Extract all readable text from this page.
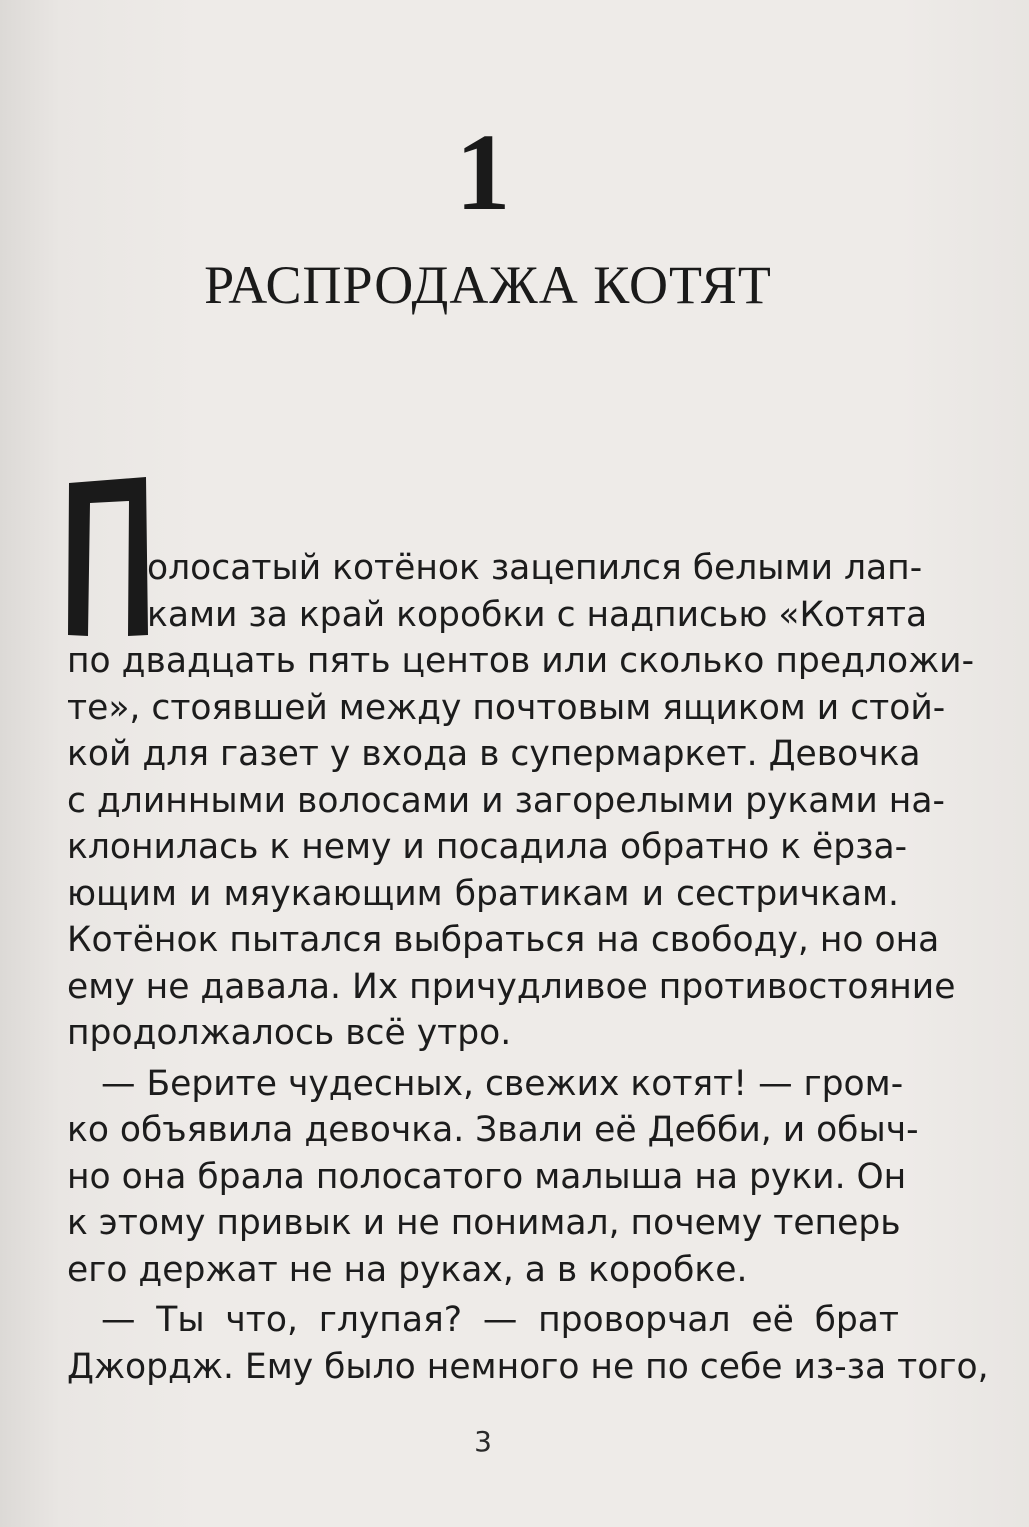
1
РАСПРОДАЖА КОТЯТ
олосатый котёнок зацепился белыми лап-
ками за край коробки с надписью «Котята
по двадцать пять центов или сколько предложи-
те», стоявшей между почтовым ящиком и стой-
кой для газет у входа в супермаркет. Девочка
с длинными волосами и загорелыми руками на-
клонилась к нему и посадила обратно к ёрза-
ющим и мяукающим братикам и сестричкам.
Котёнок пытался выбраться на свободу, но она
ему не давала. Их причудливое противостояние
продолжалось всё утро.
— Берите чудесных, свежих котят! — гром-
ко объявила девочка. Звали её Дебби, и обыч-
но она брала полосатого малыша на руки. Он
к этому привык и не понимал, почему теперь
его держат не на руках, а в коробке.
— Ты что, глупая? — проворчал её брат
Джордж. Ему было немного не по себе из-за того,
3
